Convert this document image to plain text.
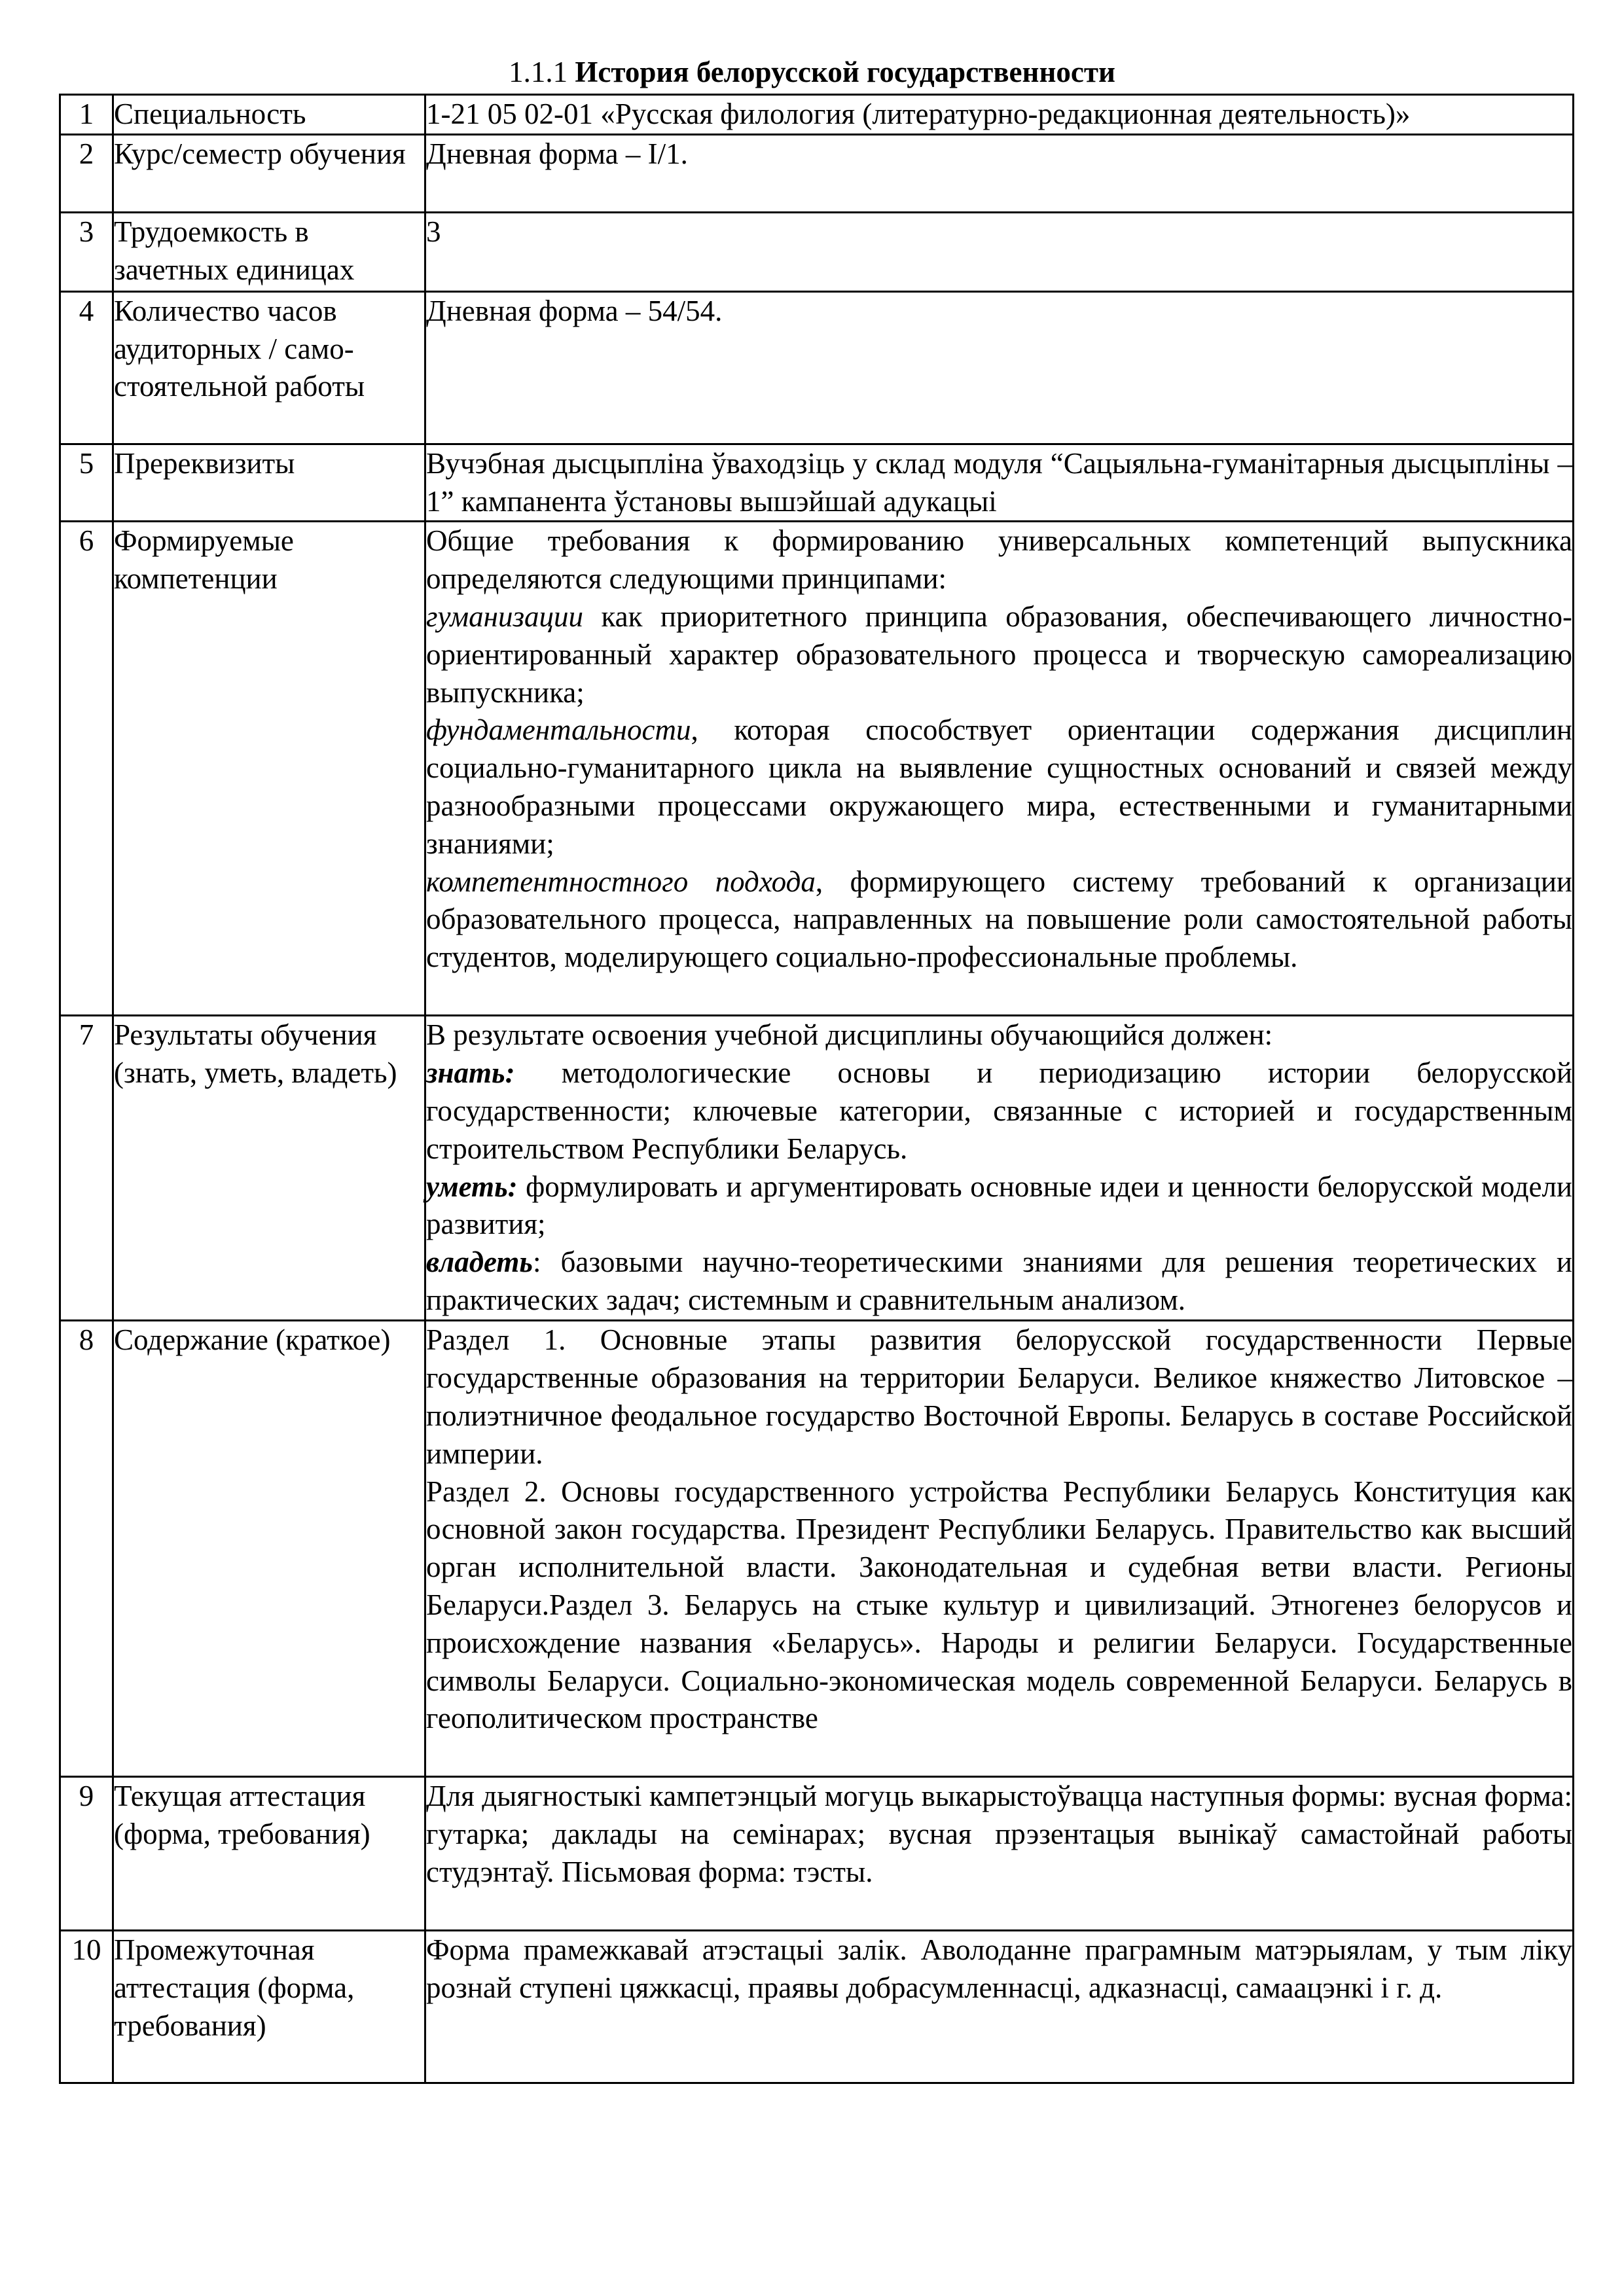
1.1.1 История белорусской государственности
1	Специальность	1-21 05 02-01 «Русская филология (литературно-редакционная деятельность)»
2	Курс/семестр обучения	Дневная форма – I/1.
3	Трудоемкость в зачетных единицах	3
4	Количество часов аудиторных / само-стоятельной работы	Дневная форма – 54/54.
5	Пререквизиты	Вучэбная дысцыпліна ўваходзіць у склад модуля “Сацыяльна-гуманітарныя дысцыпліны – 1” кампанента ўстановы вышэйшай адукацыі
6	Формируемые компетенции	Общие требования к формированию универсальных компетенций выпускника определяются следующими принципами:
гуманизации как приоритетного принципа образования, обеспечивающего личностно-ориентированный характер образовательного процесса и творческую самореализацию выпускника;
фундаментальности, которая способствует ориентации содержания дисциплин социально-гуманитарного цикла на выявление сущностных оснований и связей между разнообразными процессами окружающего мира, естественными и гуманитарными знаниями;
компетентностного подхода, формирующего систему требований к организации образовательного процесса, направленных на повышение роли самостоятельной работы студентов, моделирующего социально-профессиональные проблемы.

7	Результаты обучения (знать, уметь, владеть)	В результате освоения учебной дисциплины обучающийся должен:
знать: методологические основы и периодизацию истории белорусской государственности; ключевые категории, связанные с историей и государственным строительством Республики Беларусь.
уметь: формулировать и аргументировать основные идеи и ценности белорусской модели развития;
владеть: базовыми научно-теоретическими знаниями для решения теоретических и практических задач; системным и сравнительным анализом.

8	Содержание (краткое)	Раздел 1. Основные этапы развития белорусской государственности Первые государственные образования на территории Беларуси. Великое княжество Литовское – полиэтничное феодальное государство Восточной Европы. Беларусь в составе Российской империи.
Раздел 2. Основы государственного устройства Республики Беларусь Конституция как основной закон государства. Президент Республики Беларусь. Правительство как высший орган исполнительной власти. Законодательная и судебная ветви власти. Регионы Беларуси.Раздел 3. Беларусь на стыке культур и цивилизаций. Этногенез белорусов и происхождение названия «Беларусь». Народы и религии Беларуси. Государственные символы Беларуси. Социально-экономическая модель современной Беларуси. Беларусь в геополитическом пространстве

9	Текущая аттестация (форма, требования)	Для дыягностыкі кампетэнцый могуць выкарыстоўвацца наступныя формы: вусная форма: гутарка; даклады на семінарах; вусная прэзентацыя вынікаў самастойнай работы студэнтаў. Пісьмовая форма: тэсты.
10	Промежуточная аттестация (форма, требования)	Форма прамежкавай атэстацыі залік. Аволоданне праграмным матэрыялам, у тым ліку рознай ступені цяжкасці, праявы добрасумленнасці, адказнасці, самаацэнкі і г. д.
